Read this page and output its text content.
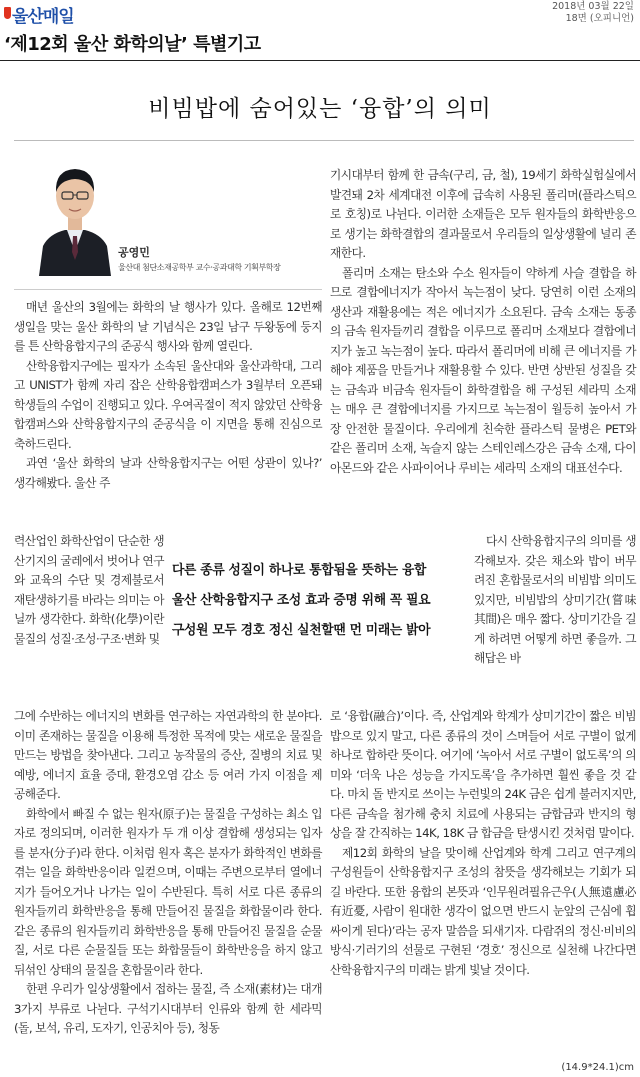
울산매일
2018년 03월 22일
18면 (오피니언)
‘제12회 울산 화학의날’ 특별기고
비빔밥에 숨어있는 ‘융합’의 의미
공영민
울산대 첨단소재공학부 교수·공과대학 기획부학장

매년 울산의 3월에는 화학의 날 행사가 있다. 올해로 12번째 생일을 맞는 울산 화학의 날 기념식은 23일 남구 두왕동에 둥지를 튼 산학융합지구의 준공식 행사와 함께 열린다.

산학융합지구에는 필자가 소속된 울산대와 울산과학대, 그리고 UNIST가 함께 자리 잡은 산학융합캠퍼스가 3월부터 오픈돼 학생들의 수업이 진행되고 있다. 우여곡절이 적지 않았던 산학융합캠퍼스와 산학융합지구의 준공식을 이 지면을 통해 진심으로 축하드린다.

과연 ‘울산 화학의 날과 산학융합지구는 어떤 상관이 있나?’ 생각해봤다. 울산 주

력산업인 화학산업이 단순한 생산기지의 굴레에서 벗어나 연구와 교육의 수단 및 경제불로서 재탄생하기를 바라는 의미는 아닐까 생각한다. 화학(化學)이란 물질의 성질·조성·구조·변화 및

그에 수반하는 에너지의 변화를 연구하는 자연과학의 한 분야다. 이미 존재하는 물질을 이용해 특정한 목적에 맞는 새로운 물질을 만드는 방법을 찾아낸다. 그리고 농작물의 증산, 질병의 치료 및 예방, 에너지 효율 증대, 환경오염 감소 등 여러 가지 이점을 제공해준다.

화학에서 빠질 수 없는 원자(原子)는 물질을 구성하는 최소 입자로 정의되며, 이러한 원자가 두 개 이상 결합해 생성되는 입자를 분자(分子)라 한다. 이처럼 원자 혹은 분자가 화학적인 변화를 겪는 일을 화학반응이라 일컫으며, 이때는 주변으로부터 열에너지가 들어오거나 나가는 일이 수반된다. 특히 서로 다른 종류의 원자들끼리 화학반응을 통해 만들어진 물질을 화합물이라 한다. 같은 종류의 원자들끼리 화학반응을 통해 만들어진 물질을 순물질, 서로 다른 순물질들 또는 화합물들이 화학반응을 하지 않고 뒤섞인 상태의 물질을 혼합물이라 한다.

한편 우리가 일상생활에서 접하는 물질, 즉 소재(素材)는 대개 3가지 부류로 나뉜다. 구석기시대부터 인류와 함께 한 세라믹(돌, 보석, 유리, 도자기, 인공치아 등), 청동

다른 종류 성질이 하나로 통합됨을 뜻하는 융합
울산 산학융합지구 조성 효과 증명 위해 꼭 필요
구성원 모두 경호 정신 실천할땐 먼 미래는 밝아

기시대부터 함께 한 금속(구리, 금, 철), 19세기 화학실험실에서 발견돼 2차 세계대전 이후에 급속히 사용된 폴리머(플라스틱으로 호칭)로 나뉜다. 이러한 소재들은 모두 원자들의 화학반응으로 생기는 화학결합의 결과물로서 우리들의 일상생활에 널리 존재한다.

폴리머 소재는 탄소와 수소 원자들이 약하게 사슬 결합을 하므로 결합에너지가 작아서 녹는점이 낮다. 당연히 이런 소재의 생산과 재활용에는 적은 에너지가 소요된다. 금속 소재는 동종의 금속 원자들끼리 결합을 이루므로 폴리머 소재보다 결합에너지가 높고 녹는점이 높다. 따라서 폴리머에 비해 큰 에너지를 가해야 제품을 만들거나 재활용할 수 있다. 반면 상반된 성질을 갖는 금속과 비금속 원자들이 화학결합을 해 구성된 세라믹 소재는 매우 큰 결합에너지를 가지므로 녹는점이 월등히 높아서 가장 안전한 물질이다. 우리에게 친숙한 플라스틱 물병은 PET와 같은 폴리머 소재, 녹슬지 않는 스테인레스강은 금속 소재, 다이아몬드와 같은 사파이어나 루비는 세라믹 소재의 대표선수다.

다시 산학융합지구의 의미를 생각해보자. 갖은 채소와 밥이 버무려진 혼합물로서의 비빔밥 의미도 있지만, 비빔밥의 상미기간(嘗味其間)은 매우 짧다. 상미기간을 길게 하려면 어떻게 하면 좋을까. 그 해답은 바

로 ‘융합(融合)’이다. 즉, 산업계와 학계가 상미기간이 짧은 비빔밥으로 있지 말고, 다른 종류의 것이 스며들어 서로 구별이 없게 하나로 합하란 뜻이다. 여기에 ‘녹아서 서로 구별이 없도록’의 의미와 ‘더욱 나은 성능을 가지도록’을 추가하면 훨씬 좋을 것 같다. 마치 돌 반지로 쓰이는 누런빛의 24K 금은 쉽게 불러지지만, 다른 금속을 첨가해 충치 치료에 사용되는 금합금과 반지의 형상을 잘 간직하는 14K, 18K 금 합금을 탄생시킨 것처럼 말이다.

제12회 화학의 날을 맞이해 산업계와 학계 그리고 연구계의 구성원들이 산학융합지구 조성의 참뜻을 생각해보는 기회가 되길 바란다. 또한 융합의 본뜻과 ‘인무원려필유근우(人無遠慮必有近憂, 사람이 원대한 생각이 없으면 반드시 눈앞의 근심에 휩싸이게 된다)’라는 공자 말씀을 되새기자. 다람쥐의 정신·비비의 방식·기러기의 선물로 구현된 ‘경호’ 정신으로 실천해 나간다면 산학융합지구의 미래는 밝게 빛날 것이다.

(14.9*24.1)cm
